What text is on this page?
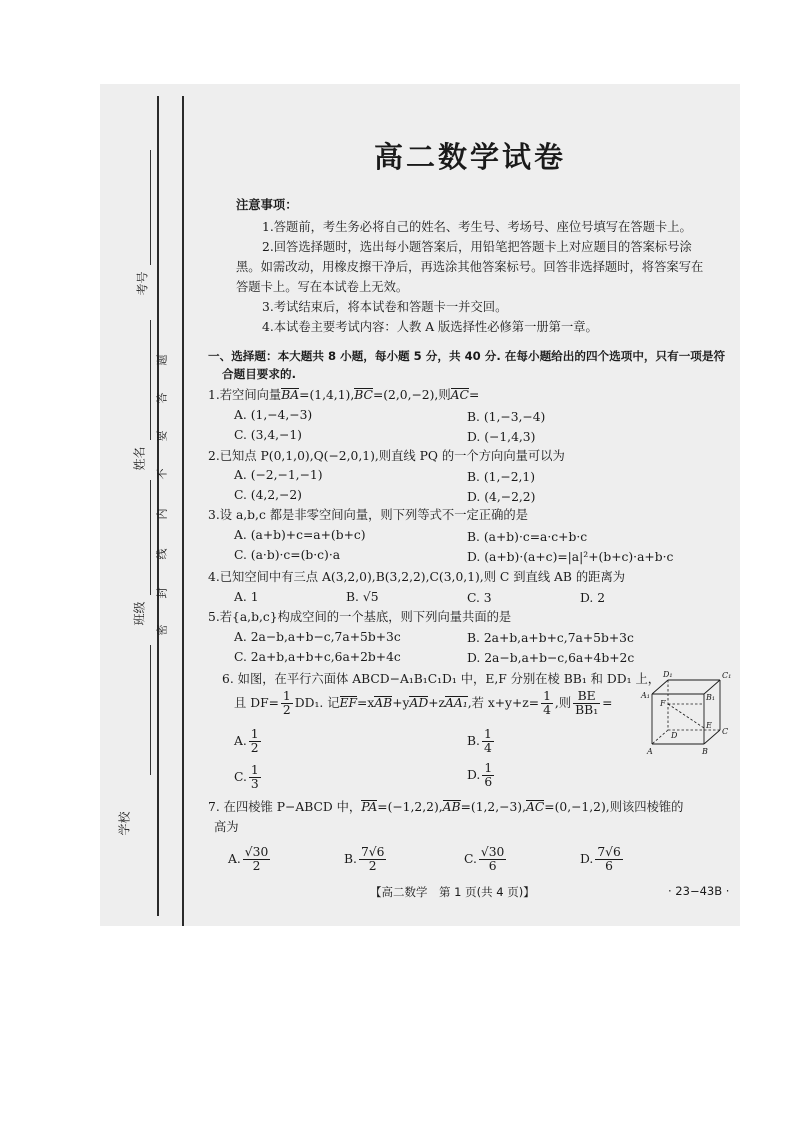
考号
姓名
班级
学校
题
答
要
不
内
线
封
密
高二数学试卷
注意事项：
1.答题前，考生务必将自己的姓名、考生号、考场号、座位号填写在答题卡上。
2.回答选择题时，选出每小题答案后，用铅笔把答题卡上对应题目的答案标号涂
黑。如需改动，用橡皮擦干净后，再选涂其他答案标号。回答非选择题时，将答案写在
答题卡上。写在本试卷上无效。
3.考试结束后，将本试卷和答题卡一并交回。
4.本试卷主要考试内容：人教 A 版选择性必修第一册第一章。
一、选择题：本大题共 8 小题，每小题 5 分，共 40 分. 在每小题给出的四个选项中，只有一项是符
合题目要求的.
1.若空间向量BA=(1,4,1),BC=(2,0,−2),则AC=
A. (1,−4,−3)	B. (1,−3,−4)
C. (3,4,−1)	D. (−1,4,3)
2.已知点 P(0,1,0),Q(−2,0,1),则直线 PQ 的一个方向向量可以为
A. (−2,−1,−1)	B. (1,−2,1)
C. (4,2,−2)	D. (4,−2,2)
3.设 a,b,c 都是非零空间向量，则下列等式不一定正确的是
A. (a+b)+c=a+(b+c)	B. (a+b)·c=a·c+b·c
C. (a·b)·c=(b·c)·a	D. (a+b)·(a+c)=|a|²+(b+c)·a+b·c
4.已知空间中有三点 A(3,2,0),B(3,2,2),C(3,0,1),则 C 到直线 AB 的距离为
A. 1	B. √5	C. 3	D. 2
5.若{a,b,c}构成空间的一个基底，则下列向量共面的是
A. 2a−b,a+b−c,7a+5b+3c	B. 2a+b,a+b+c,7a+5b+3c
C. 2a+b,a+b+c,6a+2b+4c	D. 2a−b,a+b−c,6a+4b+2c
6. 如图，在平行六面体 ABCD−A₁B₁C₁D₁ 中，E,F 分别在棱 BB₁ 和 DD₁ 上，
且 $DF= \frac{1}{2} DD_1$. 记EF=xAB+yAD+zAA₁,若 $x+y+z= \frac{1}{4}$ ,则 $\frac{BE}{\text{BB₁}}$ =
A. $\frac{1}{2}$	B. $\frac{1}{4}$
C. $\frac{1}{3}$	D. $\frac{1}{6}$
D₁	C₁
A₁	B₁
F
E
D	C
A	B
7. 在四棱锥 P−ABCD 中，PA=(−1,2,2),AB=(1,2,−3),AC=(0,−1,2),则该四棱锥的
高为
A. $\frac{√30}{2}$	B. $\frac{7√6}{2}$	C. $\frac{√30}{6}$	D. $\frac{7√6}{6}$
【高二数学　第 1 页(共 4 页)】	· 23−43B ·
